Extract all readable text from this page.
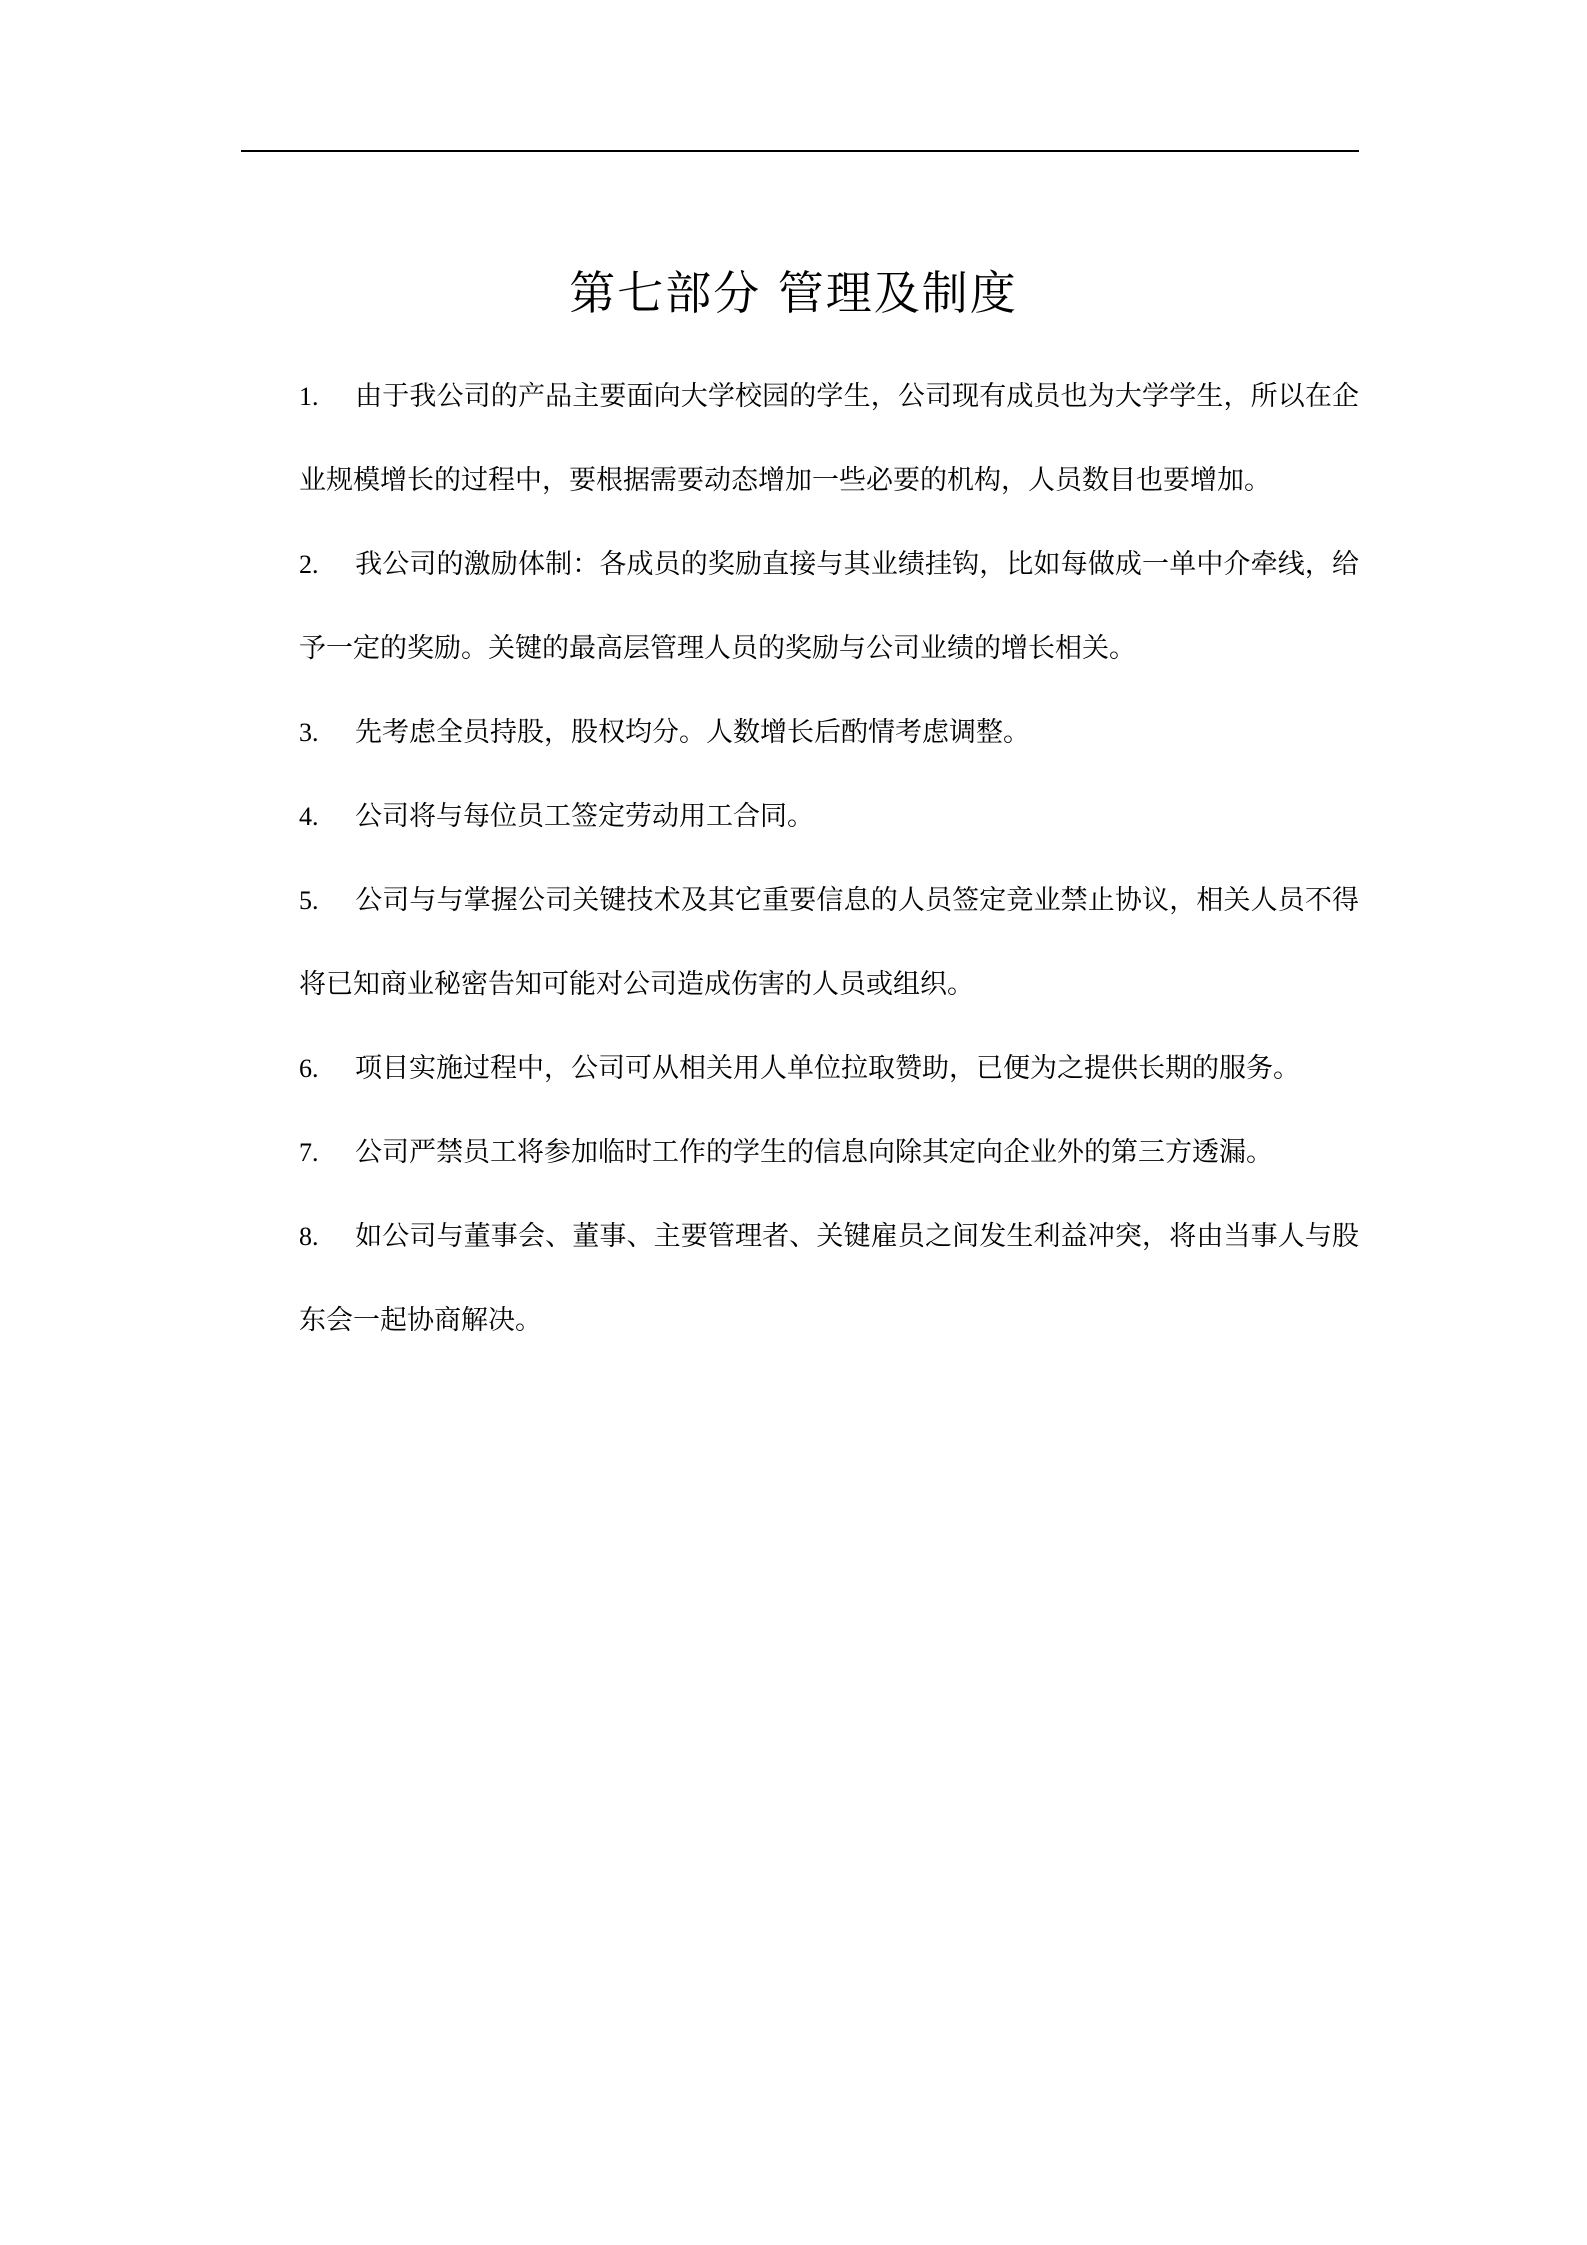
第七部分 管理及制度

1. 由于我公司的产品主要面向大学校园的学生，公司现有成员也为大学学生，所以在企业规模增长的过程中，要根据需要动态增加一些必要的机构，人员数目也要增加。

2. 我公司的激励体制：各成员的奖励直接与其业绩挂钩，比如每做成一单中介牵线，给予一定的奖励。关键的最高层管理人员的奖励与公司业绩的增长相关。

3. 先考虑全员持股，股权均分。人数增长后酌情考虑调整。

4. 公司将与每位员工签定劳动用工合同。

5. 公司与与掌握公司关键技术及其它重要信息的人员签定竞业禁止协议，相关人员不得将已知商业秘密告知可能对公司造成伤害的人员或组织。

6. 项目实施过程中，公司可从相关用人单位拉取赞助，已便为之提供长期的服务。

7. 公司严禁员工将参加临时工作的学生的信息向除其定向企业外的第三方透漏。

8. 如公司与董事会、董事、主要管理者、关键雇员之间发生利益冲突，将由当事人与股东会一起协商解决。
